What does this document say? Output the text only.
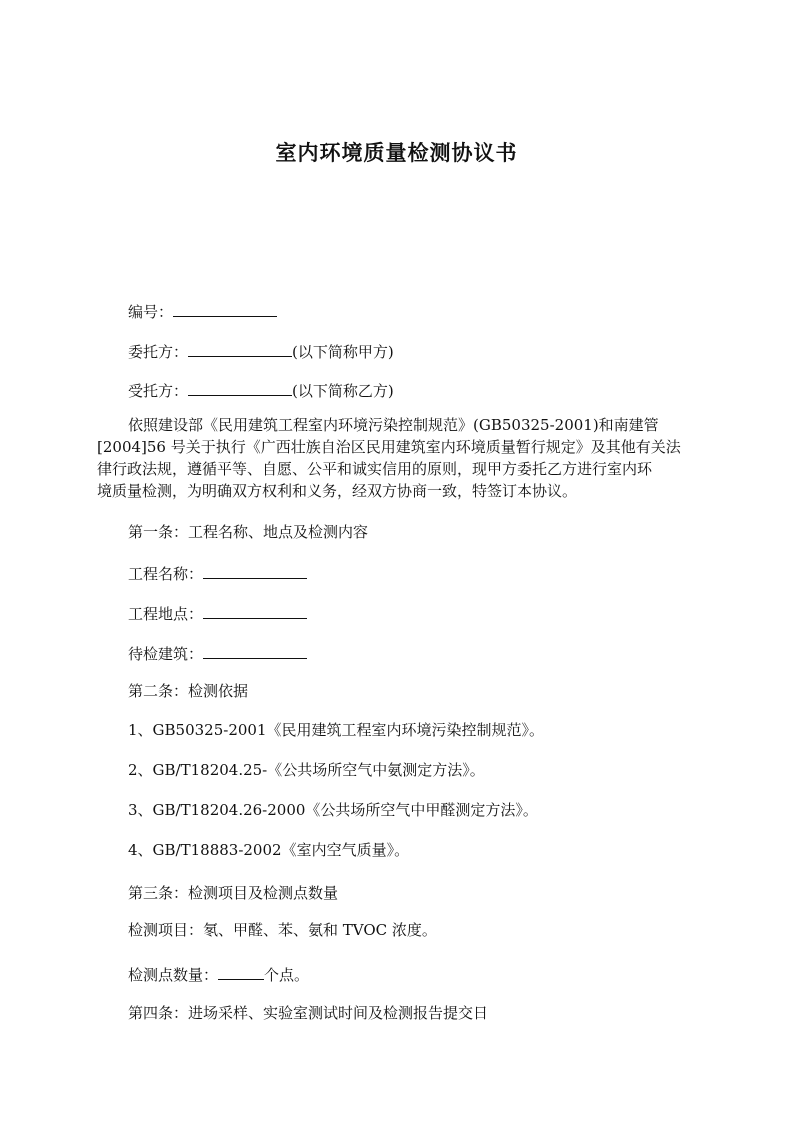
室内环境质量检测协议书
编号：
委托方：	(以下简称甲方)
受托方：	(以下简称乙方)
依照建设部《民用建筑工程室内环境污染控制规范》(GB50325-2001)和南建管
[2004]56 号关于执行《广西壮族自治区民用建筑室内环境质量暂行规定》及其他有关法
律行政法规，遵循平等、自愿、公平和诚实信用的原则，现甲方委托乙方进行室内环
境质量检测，为明确双方权利和义务，经双方协商一致，特签订本协议。
第一条：工程名称、地点及检测内容
工程名称：
工程地点：
待检建筑：
第二条：检测依据
1、GB50325-2001《民用建筑工程室内环境污染控制规范》。
2、GB/T18204.25-《公共场所空气中氨测定方法》。
3、GB/T18204.26-2000《公共场所空气中甲醛测定方法》。
4、GB/T18883-2002《室内空气质量》。
第三条：检测项目及检测点数量
检测项目：氡、甲醛、苯、氨和 TVOC 浓度。
检测点数量：	个点。
第四条：进场采样、实验室测试时间及检测报告提交日
